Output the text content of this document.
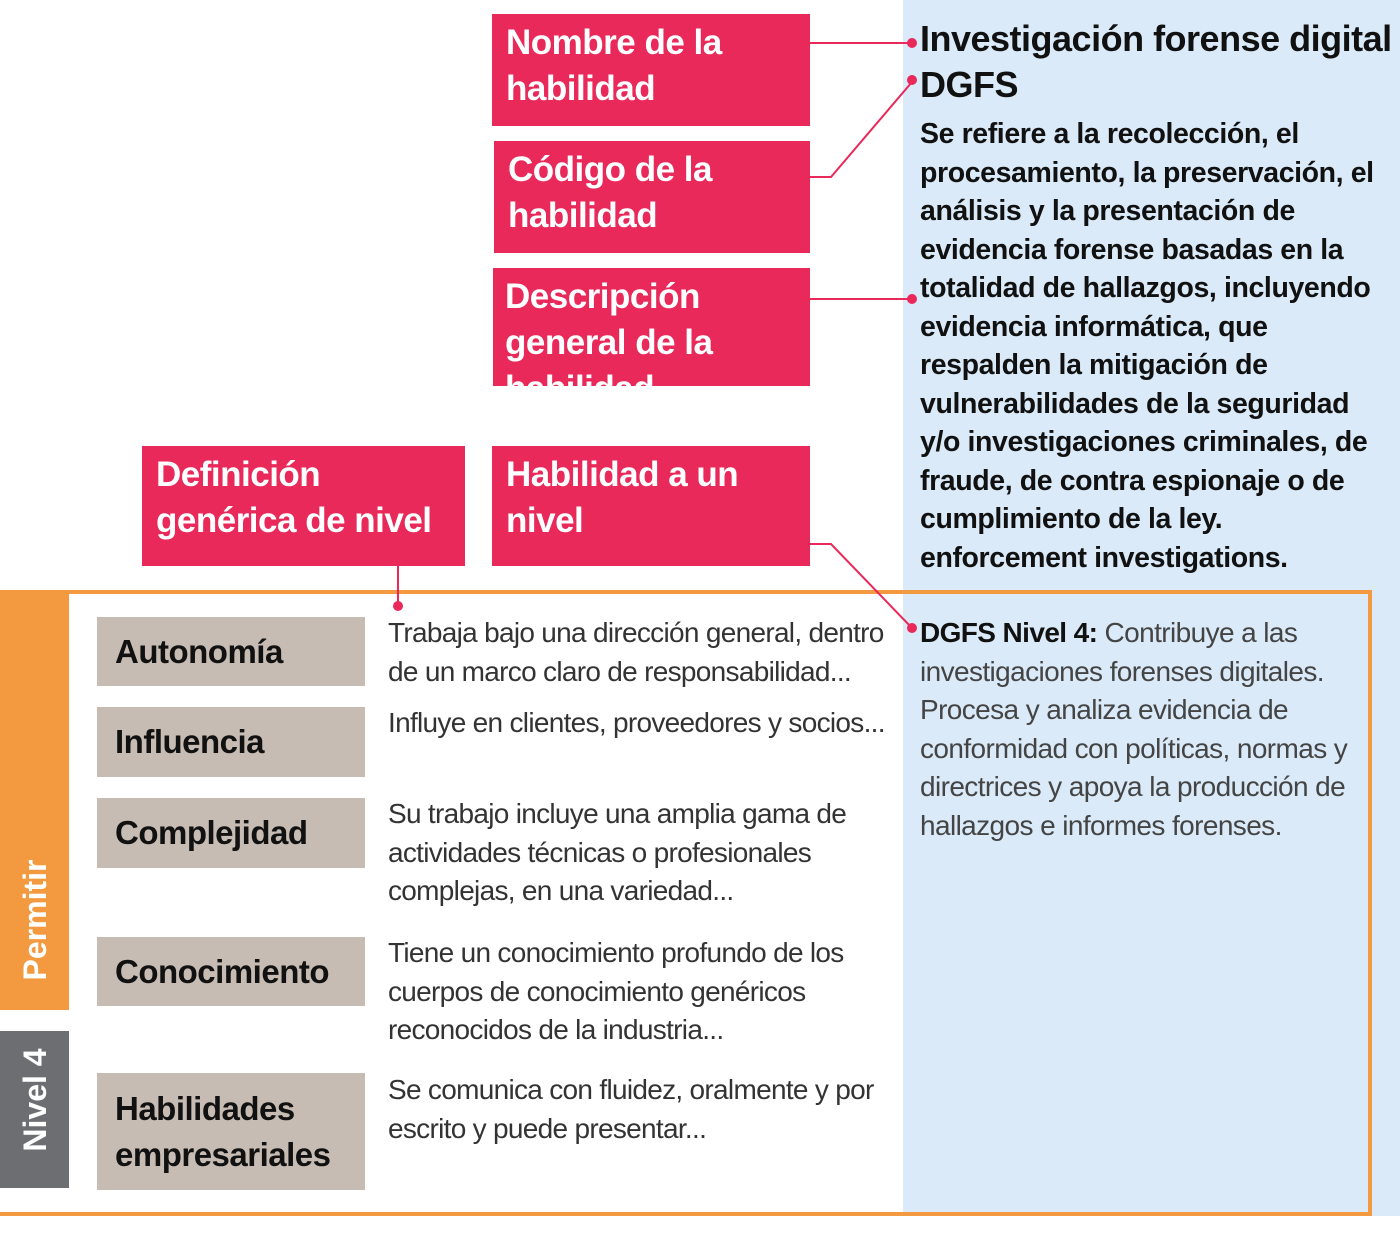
Permitir
Nivel 4
Nombre de la habilidad
Código de la habilidad
Descripción general de la habilidad
Definición genérica de nivel
Habilidad a un nivel
Investigación forense digital
DGFS
Se refiere a la recolección, el procesamiento, la preservación, el análisis y la presentación de evidencia forense basadas en la totalidad de hallazgos, incluyendo evidencia informática, que respalden la mitigación de vulnerabilidades de la seguridad y/o investigaciones criminales, de fraude, de contra espionaje o de cumplimiento de la ley. enforcement investigations.
DGFS Nivel 4: Contribuye a las investigaciones forenses digitales. Procesa y analiza evidencia de conformidad con políticas, normas y directrices y apoya la producción de hallazgos e informes forenses.
Autonomía	Trabaja bajo una dirección general, dentro de un marco claro de responsabilidad...
Influencia
Influye en clientes, proveedores y socios...
Complejidad
Su trabajo incluye una amplia gama de actividades técnicas o profesionales complejas, en una variedad...
Conocimiento Tiene un conocimiento profundo de los cuerpos de conocimiento genéricos reconocidos de la industria...
Habilidades empresariales
Se comunica con fluidez, oralmente y por escrito y puede presentar...
